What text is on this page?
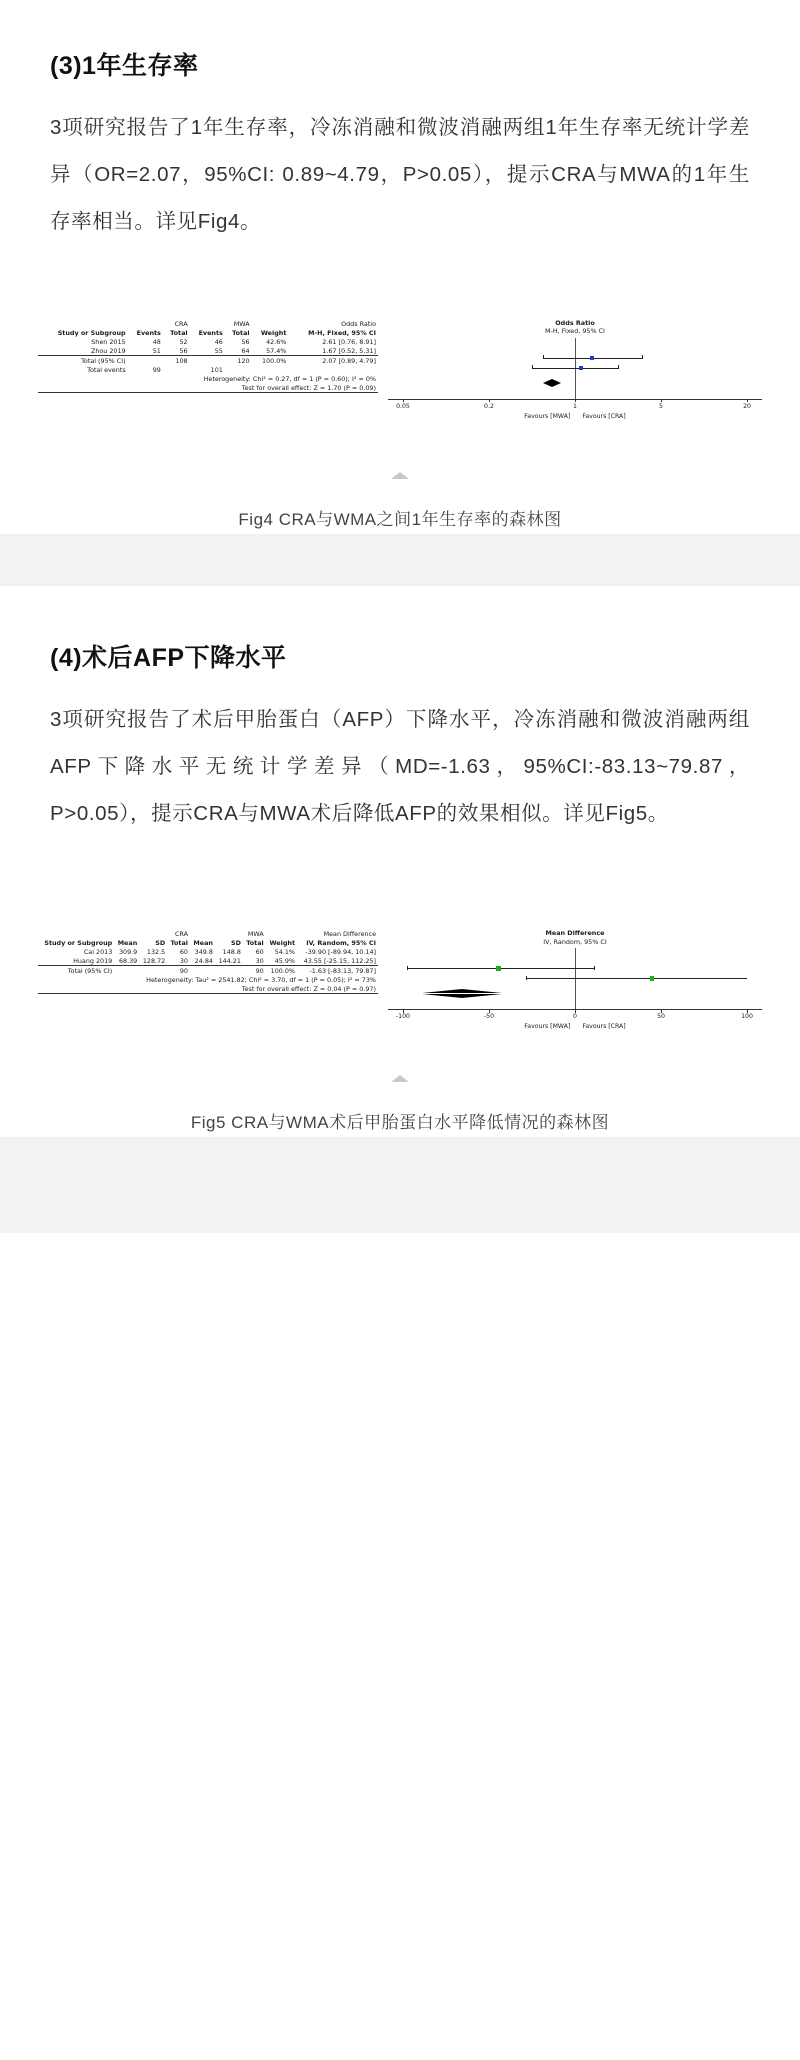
(3)1年生存率

3项研究报告了1年生存率，冷冻消融和微波消融两组1年生存率无统计学差异（OR=2.07，95%CI: 0.89~4.79，P>0.05），提示CRA与MWA的1年生存率相当。详见Fig4。

	CRA		MWA			Odds Ratio
Study or Subgroup	Events	Total	Events	Total	Weight	M-H, Fixed, 95% CI
Shen 2015	48	52	46	56	42.6%	2.61 [0.76, 8.91]
Zhou 2019	51	56	55	64	57.4%	1.67 [0.52, 5.31]
Total (95% CI)		108		120	100.0%	2.07 [0.89, 4.79]
Total events	99		101			
Heterogeneity: Chi² = 0.27, df = 1 (P = 0.60); I² = 0%						
Test for overall effect: Z = 1.70 (P = 0.09)						
Odds Ratio
M-H, Fixed, 95% CI
0.05	0.2	1	5	20
Favours [MWA] Favours [CRA]
Fig4 CRA与WMA之间1年生存率的森林图
(4)术后AFP下降水平

3项研究报告了术后甲胎蛋白（AFP）下降水平，冷冻消融和微波消融两组AFP下降水平无统计学差异（MD=-1.63，95%CI:-83.13~79.87，P>0.05），提示CRA与MWA术后降低AFP的效果相似。详见Fig5。

	CRA			MWA				Mean Difference
Study or Subgroup	Mean	SD	Total	Mean	SD	Total	Weight	IV, Random, 95% CI
Cai 2013	309.9	132.5	60	349.8	148.8	60	54.1%	-39.90 [-89.94, 10.14]
Huang 2019	68.39	128.72	30	24.84	144.21	30	45.9%	43.55 [-25.15, 112.25]
Total (95% CI)			90			90	100.0%	-1.63 [-83.13, 79.87]
Heterogeneity: Tau² = 2541.82; Chi² = 3.70, df = 1 (P = 0.05); I² = 73%								
Test for overall effect: Z = 0.04 (P = 0.97)								
Mean Difference
IV, Random, 95% CI
-100	-50	0	50	100
Favours [MWA] Favours [CRA]
Fig5 CRA与WMA术后甲胎蛋白水平降低情况的森林图
